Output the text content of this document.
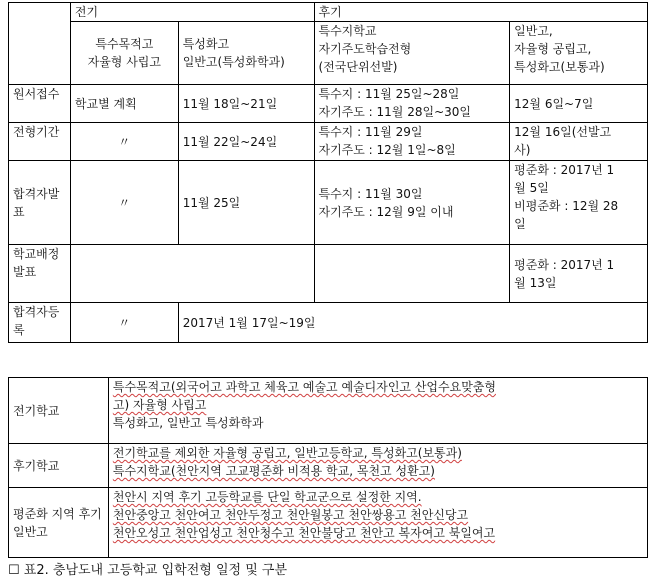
	전기		후기	

	특수목적고
자율형 사립고	특성화고
일반고(특성화학과)	특수지학교
자기주도학습전형
(전국단위선발)	일반고,
자율형 공립고,
특성화고(보통과)

원서접수	학교별 계획	11월 18일~21일	특수지 : 11월 25일~28일
자기주도 : 11월 28일~30일	12월 6일~7일

전형기간	〃	11월 22일~24일	특수지 : 11월 29일
자기주도 : 12월 1일~8일	12월 16일(선발고
사)

합격자발표	〃	11월 25일	특수지 : 11월 30일
자기주도 : 12월 9일 이내	평준화 : 2017년 1
월 5일
비평준화 : 12월 28
일

학교배정발표				평준화 : 2017년 1
월 13일

합격자등록	〃	2017년 1월 17일~19일		
전기학교	특수목적고(외국어고 과학고 체육고 예술고 예술디자인고 산업수요맞춤형
고) 자율형 사립고
특성화고, 일반고 특성화학과

후기학교	전기학교를 제외한 자율형 공립고, 일반고등학교, 특성화고(보통과)
특수지학교(천안지역 고교평준화 비적용 학교, 목천고 성환고)

평준화 지역 후기 일반고	천안시 지역 후기 고등학교를 단일 학교군으로 설정한 지역.
천안중앙고 천안여고 천안두정고 천안월봉고 천안쌍용고 천안신당고
천안오성고 천안업성고 천안청수고 천안불당고 천안고 복자여고 북일여고
☐ 표2. 충남도내 고등학교 입학전형 일정 및 구분
